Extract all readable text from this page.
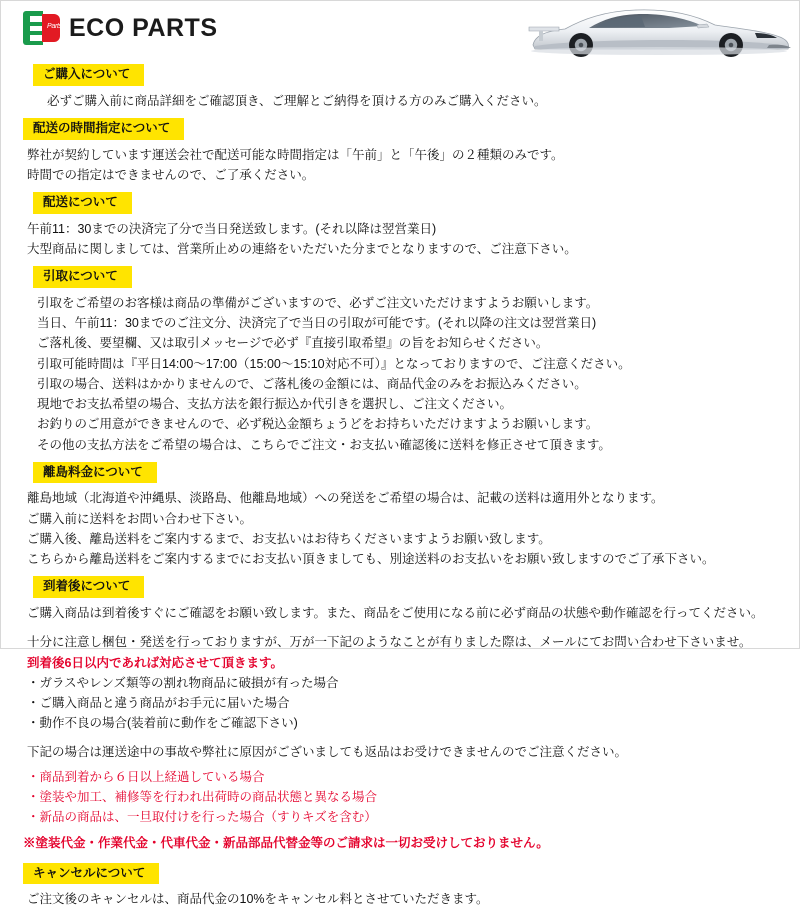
Parts ECO PARTS
ご購入について
必ずご購入前に商品詳細をご確認頂き、ご理解とご納得を頂ける方のみご購入ください。
配送の時間指定について
弊社が契約しています運送会社で配送可能な時間指定は「午前」と「午後」の２種類のみです。
時間での指定はできませんので、ご了承ください。
配送について
午前11：30までの決済完了分で当日発送致します。(それ以降は翌営業日)
大型商品に関しましては、営業所止めの連絡をいただいた分までとなりますので、ご注意下さい。
引取について
引取をご希望のお客様は商品の準備がございますので、必ずご注文いただけますようお願いします。
当日、午前11：30までのご注文分、決済完了で当日の引取が可能です。(それ以降の注文は翌営業日)
ご落札後、要望欄、又は取引メッセージで必ず『直接引取希望』の旨をお知らせください。
引取可能時間は『平日14:00～17:00（15:00～15:10対応不可）』となっておりますので、ご注意ください。
引取の場合、送料はかかりませんので、ご落札後の金額には、商品代金のみをお振込みください。
現地でお支払希望の場合、支払方法を銀行振込か代引きを選択し、ご注文ください。
お釣りのご用意ができませんので、必ず税込金額ちょうどをお持ちいただけますようお願いします。
その他の支払方法をご希望の場合は、こちらでご注文・お支払い確認後に送料を修正させて頂きます。
離島料金について
離島地域（北海道や沖縄県、淡路島、他離島地域）への発送をご希望の場合は、記載の送料は適用外となります。
ご購入前に送料をお問い合わせ下さい。
ご購入後、離島送料をご案内するまで、お支払いはお待ちくださいますようお願い致します。
こちらから離島送料をご案内するまでにお支払い頂きましても、別途送料のお支払いをお願い致しますのでご了承下さい。
到着後について
ご購入商品は到着後すぐにご確認をお願い致します。また、商品をご使用になる前に必ず商品の状態や動作確認を行ってください。
十分に注意し梱包・発送を行っておりますが、万が一下記のようなことが有りました際は、メールにてお問い合わせ下さいませ。
到着後6日以内であれば対応させて頂きます。
・ガラスやレンズ類等の割れ物商品に破損が有った場合
・ご購入商品と違う商品がお手元に届いた場合
・動作不良の場合(装着前に動作をご確認下さい)
下記の場合は運送途中の事故や弊社に原因がございましても返品はお受けできませんのでご注意ください。
・商品到着から６日以上経過している場合
・塗装や加工、補修等を行われ出荷時の商品状態と異なる場合
・新品の商品は、一旦取付けを行った場合（すりキズを含む）
※塗装代金・作業代金・代車代金・新品部品代替金等のご請求は一切お受けしておりません。
キャンセルについて
ご注文後のキャンセルは、商品代金の10%をキャンセル料とさせていただきます。
